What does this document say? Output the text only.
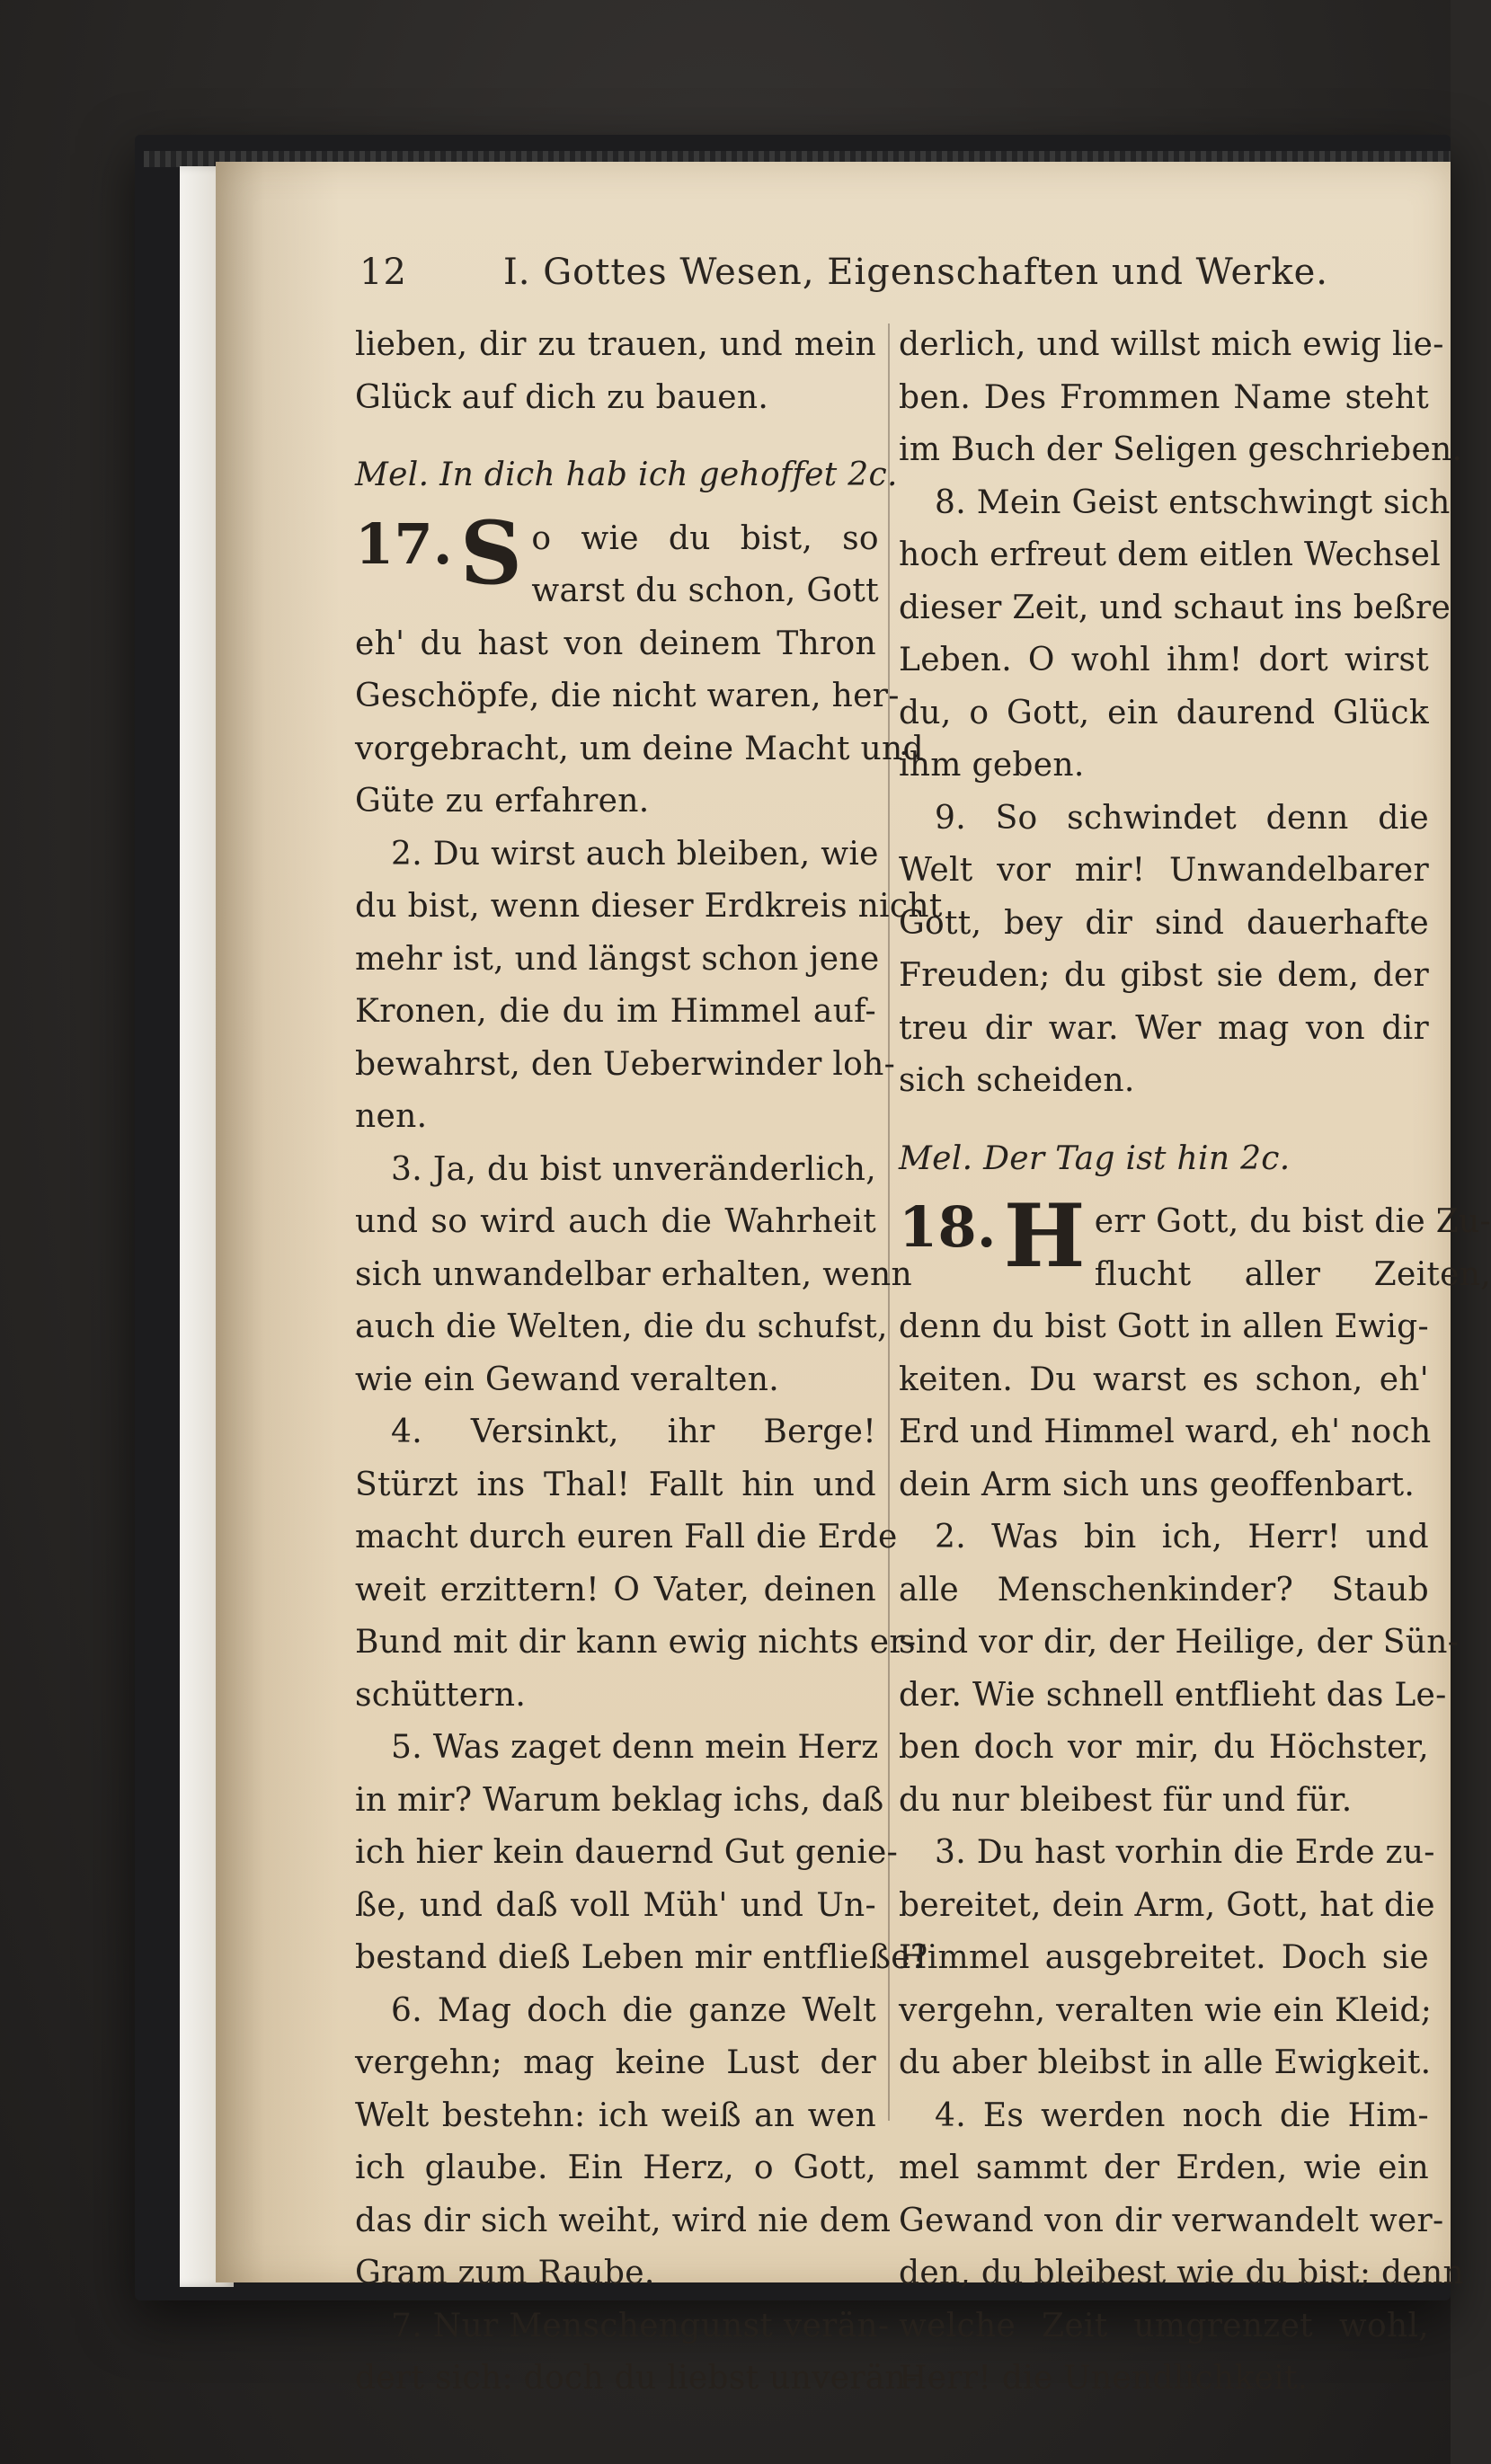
12	I. Gottes Wesen, Eigenschaften und Werke.
lieben, dir zu trauen, und mein
Glück auf dich zu bauen.
Mel. In dich hab ich gehoffet 2c.
17. S o wie du bist, so
warst du schon, Gott
eh' du hast von deinem Thron
Geschöpfe, die nicht waren, her-
vorgebracht, um deine Macht und
Güte zu erfahren.
2. Du wirst auch bleiben, wie
du bist, wenn dieser Erdkreis nicht
mehr ist, und längst schon jene
Kronen, die du im Himmel auf-
bewahrst, den Ueberwinder loh-
nen.
3. Ja, du bist unveränderlich,
und so wird auch die Wahrheit
sich unwandelbar erhalten, wenn
auch die Welten, die du schufst,
wie ein Gewand veralten.
4. Versinkt, ihr Berge!
Stürzt ins Thal! Fallt hin und
macht durch euren Fall die Erde
weit erzittern! O Vater, deinen
Bund mit dir kann ewig nichts er-
schüttern.
5. Was zaget denn mein Herz
in mir? Warum beklag ichs, daß
ich hier kein dauernd Gut genie-
ße, und daß voll Müh' und Un-
bestand dieß Leben mir entfließe?
6. Mag doch die ganze Welt
vergehn; mag keine Lust der
Welt bestehn: ich weiß an wen
ich glaube. Ein Herz, o Gott,
das dir sich weiht, wird nie dem
Gram zum Raube.
7. Nur Menschengunst verän-
dert sich: doch du liebst unverän-
derlich, und willst mich ewig lie-
ben. Des Frommen Name steht
im Buch der Seligen geschrieben.
8. Mein Geist entschwingt sich
hoch erfreut dem eitlen Wechsel
dieser Zeit, und schaut ins beßre
Leben. O wohl ihm! dort wirst
du, o Gott, ein daurend Glück
ihm geben.
9. So schwindet denn die
Welt vor mir! Unwandelbarer
Gott, bey dir sind dauerhafte
Freuden; du gibst sie dem, der
treu dir war. Wer mag von dir
sich scheiden.
Mel. Der Tag ist hin 2c.
18. H err Gott, du bist die Zu-
flucht aller Zeiten,
denn du bist Gott in allen Ewig-
keiten. Du warst es schon, eh'
Erd und Himmel ward, eh' noch
dein Arm sich uns geoffenbart.
2. Was bin ich, Herr! und
alle Menschenkinder? Staub
sind vor dir, der Heilige, der Sün-
der. Wie schnell entflieht das Le-
ben doch vor mir, du Höchster,
du nur bleibest für und für.
3. Du hast vorhin die Erde zu-
bereitet, dein Arm, Gott, hat die
Himmel ausgebreitet. Doch sie
vergehn, veralten wie ein Kleid;
du aber bleibst in alle Ewigkeit.
4. Es werden noch die Him-
mel sammt der Erden, wie ein
Gewand von dir verwandelt wer-
den, du bleibest wie du bist; denn
welche Zeit umgrenzet wohl,
Herr! die Unendlichkeit.
